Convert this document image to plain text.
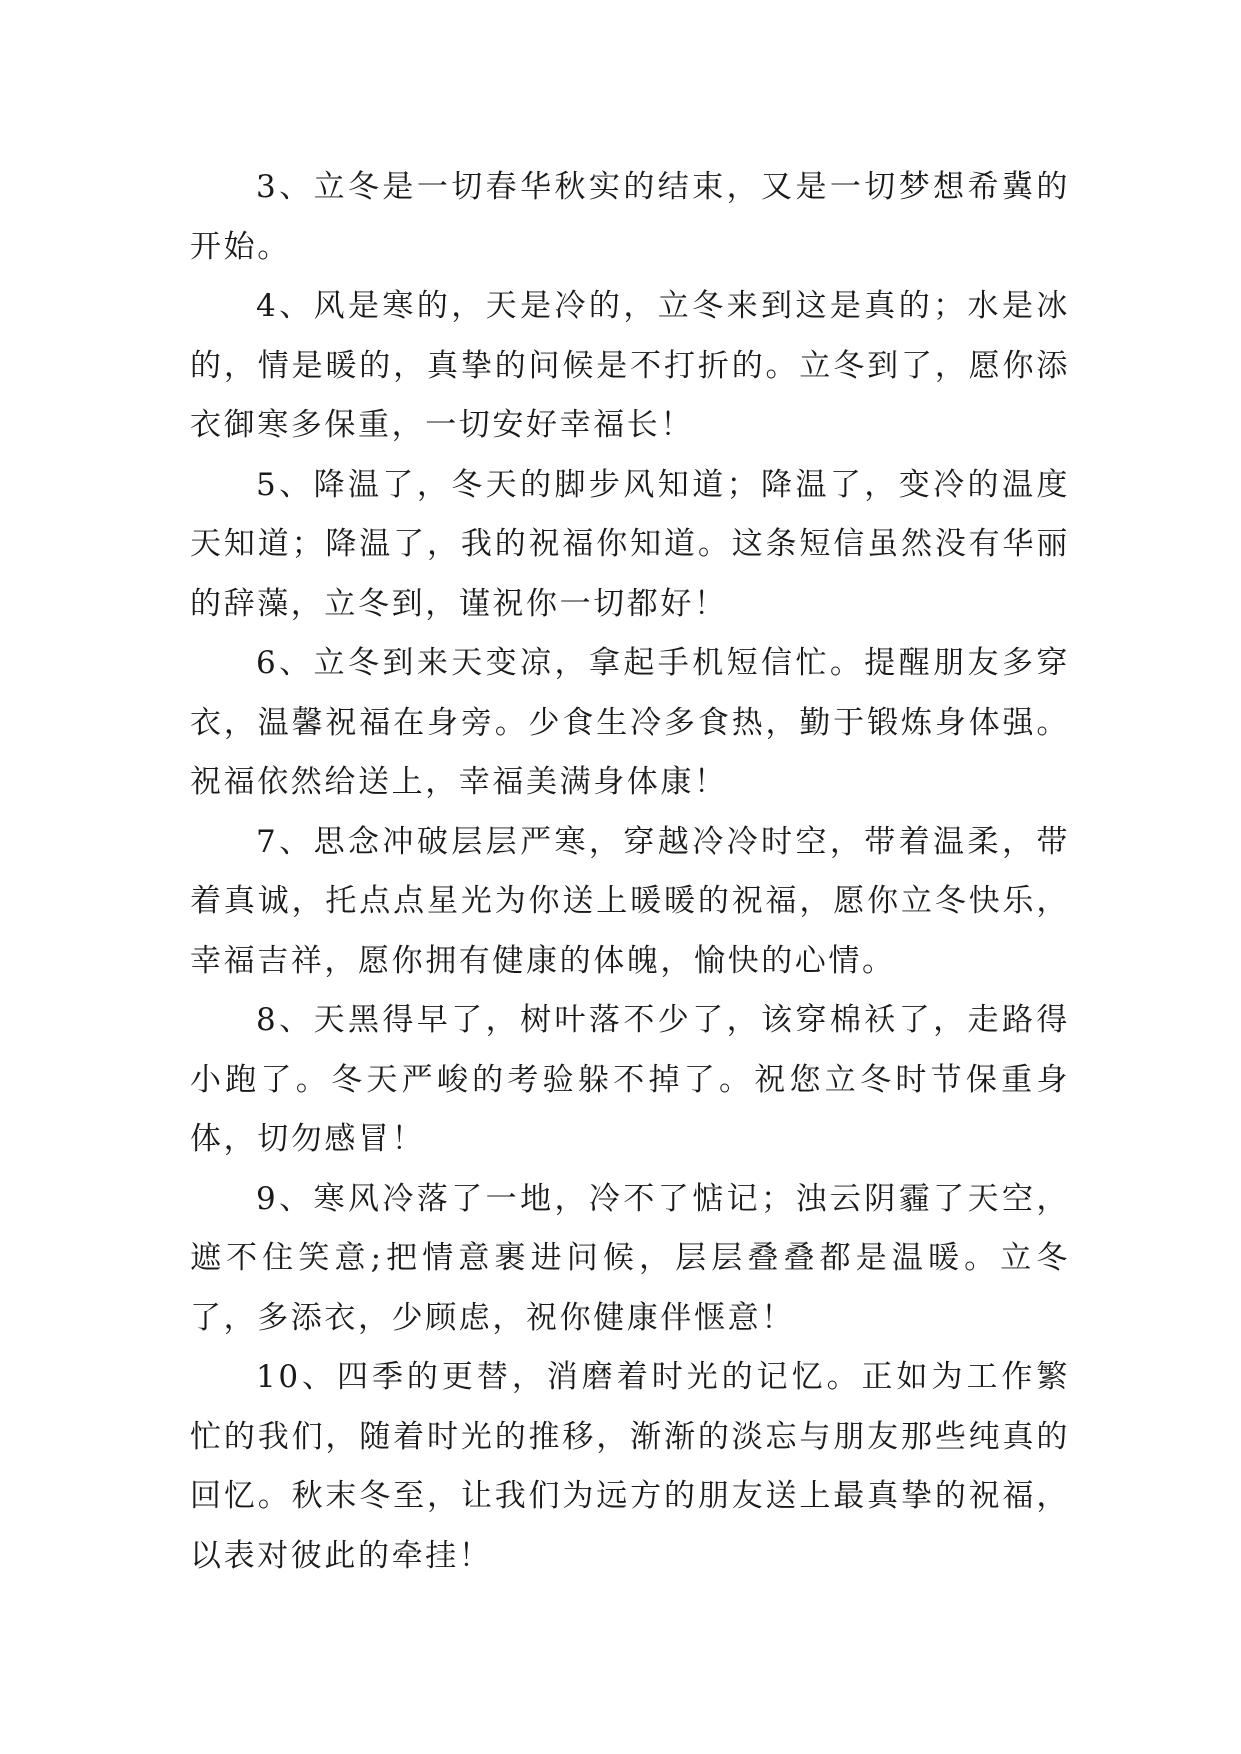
3、立冬是一切春华秋实的结束，又是一切梦想希冀的开始。

4、风是寒的，天是冷的，立冬来到这是真的；水是冰的，情是暖的，真挚的问候是不打折的。立冬到了，愿你添衣御寒多保重，一切安好幸福长！

5、降温了，冬天的脚步风知道；降温了，变冷的温度天知道；降温了，我的祝福你知道。这条短信虽然没有华丽的辞藻，立冬到，谨祝你一切都好！

6、立冬到来天变凉，拿起手机短信忙。提醒朋友多穿衣，温馨祝福在身旁。少食生冷多食热，勤于锻炼身体强。祝福依然给送上，幸福美满身体康！

7、思念冲破层层严寒，穿越冷冷时空，带着温柔，带着真诚，托点点星光为你送上暖暖的祝福，愿你立冬快乐，幸福吉祥，愿你拥有健康的体魄，愉快的心情。

8、天黑得早了，树叶落不少了，该穿棉袄了，走路得小跑了。冬天严峻的考验躲不掉了。祝您立冬时节保重身体，切勿感冒！

9、寒风冷落了一地，冷不了惦记；浊云阴霾了天空，遮不住笑意;把情意裹进问候，层层叠叠都是温暖。立冬了，多添衣，少顾虑，祝你健康伴惬意！

10、四季的更替，消磨着时光的记忆。正如为工作繁忙的我们，随着时光的推移，渐渐的淡忘与朋友那些纯真的回忆。秋末冬至，让我们为远方的朋友送上最真挚的祝福，以表对彼此的牵挂！
